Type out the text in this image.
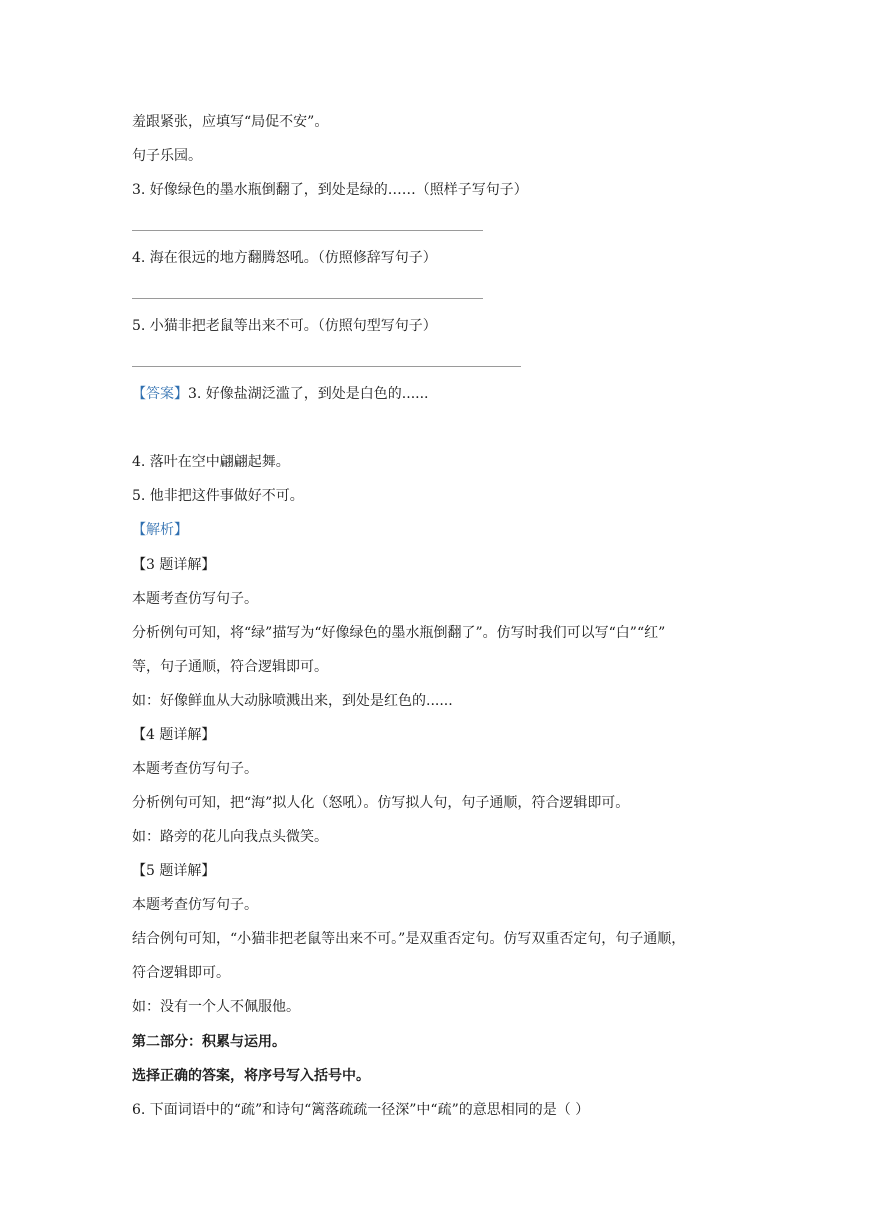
羞跟紧张，应填写“局促不安”。
句子乐园。
3. 好像绿色的墨水瓶倒翻了，到处是绿的……（照样子写句子）
4. 海在很远的地方翻腾怒吼。（仿照修辞写句子）
5. 小猫非把老鼠等出来不可。（仿照句型写句子）
【答案】3. 好像盐湖泛滥了，到处是白色的......
4. 落叶在空中翩翩起舞。
5. 他非把这件事做好不可。
【解析】
【3 题详解】
本题考查仿写句子。
分析例句可知，将“绿”描写为“好像绿色的墨水瓶倒翻了”。仿写时我们可以写“白”“红”
等，句子通顺，符合逻辑即可。
如：好像鲜血从大动脉喷溅出来，到处是红色的......
【4 题详解】
本题考查仿写句子。
分析例句可知，把“海”拟人化（怒吼）。仿写拟人句，句子通顺，符合逻辑即可。
如：路旁的花儿向我点头微笑。
【5 题详解】
本题考查仿写句子。
结合例句可知，“小猫非把老鼠等出来不可。”是双重否定句。仿写双重否定句，句子通顺，
符合逻辑即可。
如：没有一个人不佩服他。
第二部分：积累与运用。
选择正确的答案，将序号写入括号中。
6. 下面词语中的“疏”和诗句“篱落疏疏一径深”中“疏”的意思相同的是（ ）
